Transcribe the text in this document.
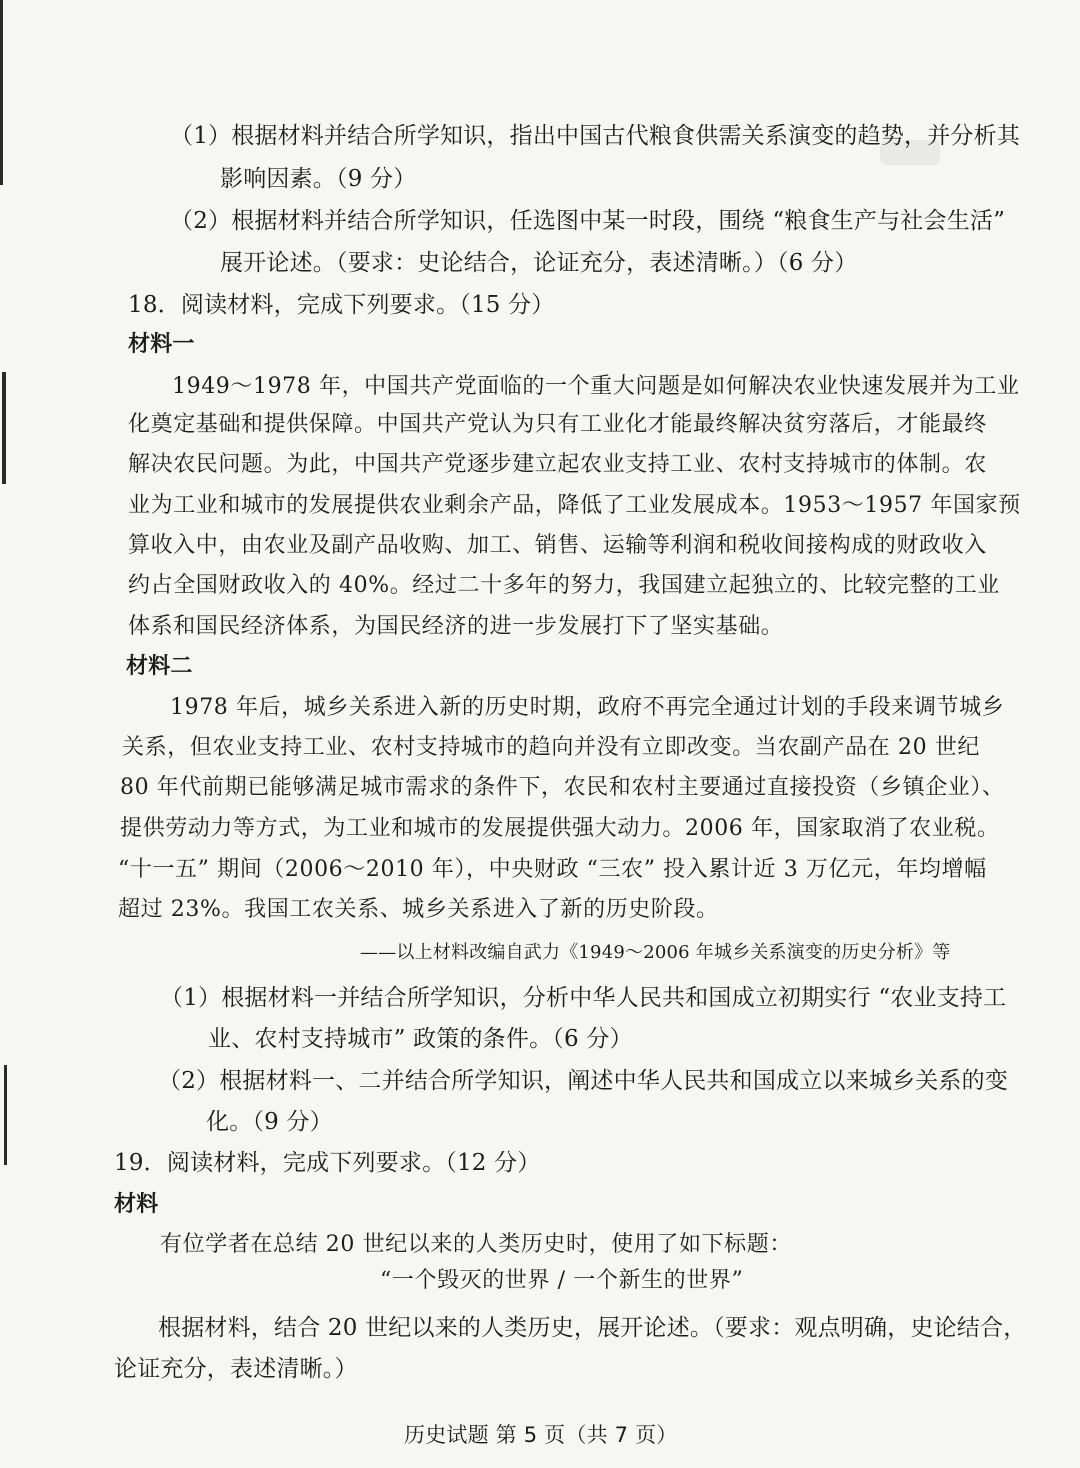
（1）根据材料并结合所学知识，指出中国古代粮食供需关系演变的趋势，并分析其
影响因素。（9 分）
（2）根据材料并结合所学知识，任选图中某一时段，围绕 “粮食生产与社会生活”
展开论述。（要求：史论结合，论证充分，表述清晰。）（6 分）
18．阅读材料，完成下列要求。（15 分）
材料一
1949～1978 年，中国共产党面临的一个重大问题是如何解决农业快速发展并为工业
化奠定基础和提供保障。中国共产党认为只有工业化才能最终解决贫穷落后，才能最终
解决农民问题。为此，中国共产党逐步建立起农业支持工业、农村支持城市的体制。农
业为工业和城市的发展提供农业剩余产品，降低了工业发展成本。1953～1957 年国家预
算收入中，由农业及副产品收购、加工、销售、运输等利润和税收间接构成的财政收入
约占全国财政收入的 40%。经过二十多年的努力，我国建立起独立的、比较完整的工业
体系和国民经济体系，为国民经济的进一步发展打下了坚实基础。
材料二
1978 年后，城乡关系进入新的历史时期，政府不再完全通过计划的手段来调节城乡
关系，但农业支持工业、农村支持城市的趋向并没有立即改变。当农副产品在 20 世纪
80 年代前期已能够满足城市需求的条件下，农民和农村主要通过直接投资（乡镇企业）、
提供劳动力等方式，为工业和城市的发展提供强大动力。2006 年，国家取消了农业税。
“十一五” 期间（2006～2010 年），中央财政 “三农” 投入累计近 3 万亿元，年均增幅
超过 23%。我国工农关系、城乡关系进入了新的历史阶段。
——以上材料改编自武力《1949～2006 年城乡关系演变的历史分析》等
（1）根据材料一并结合所学知识，分析中华人民共和国成立初期实行 “农业支持工
业、农村支持城市” 政策的条件。（6 分）
（2）根据材料一、二并结合所学知识，阐述中华人民共和国成立以来城乡关系的变
化。（9 分）
19．阅读材料，完成下列要求。（12 分）
材料
有位学者在总结 20 世纪以来的人类历史时，使用了如下标题：
“一个毁灭的世界 / 一个新生的世界”
根据材料，结合 20 世纪以来的人类历史，展开论述。（要求：观点明确，史论结合，
论证充分，表述清晰。）
历史试题 第 5 页（共 7 页）
